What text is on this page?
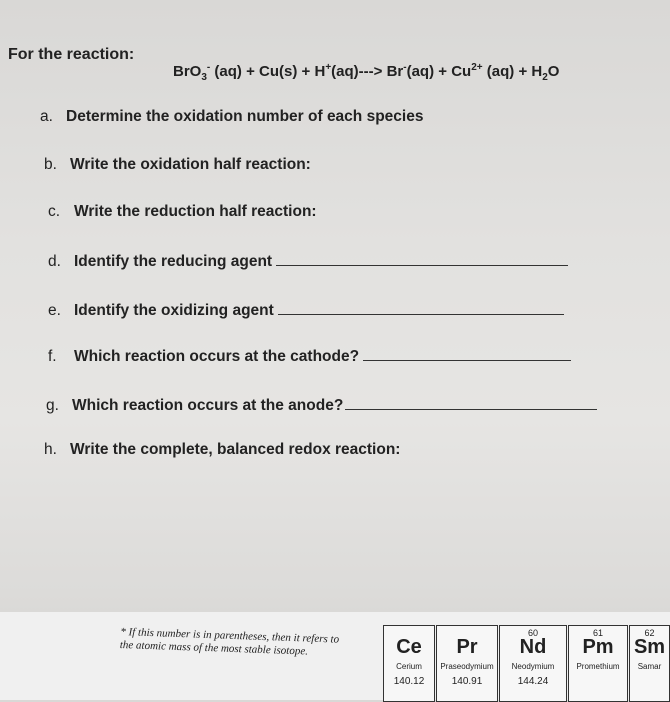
For the reaction:
BrO$_3$- $(aq) + Cu(s) + H^+(aq)---> Br^-(aq) + Cu^{2+}$ $(aq) + H_2O$
a. Determine the oxidation number of each species
b. Write the oxidation half reaction:
c. Write the reduction half reaction:
d. Identify the reducing agent
e. Identify the oxidizing agent
f. Which reaction occurs at the cathode?
g. Which reaction occurs at the anode?
h. Write the complete, balanced redox reaction:
* If this number is in parentheses, then it refers to the atomic mass of the most stable isotope.	Ce
Cerium
140.12
Pr
Praseodymium
140.91
60
Nd
Neodymium
144.24
61
Pm
Promethium
62
Sm
Samar
